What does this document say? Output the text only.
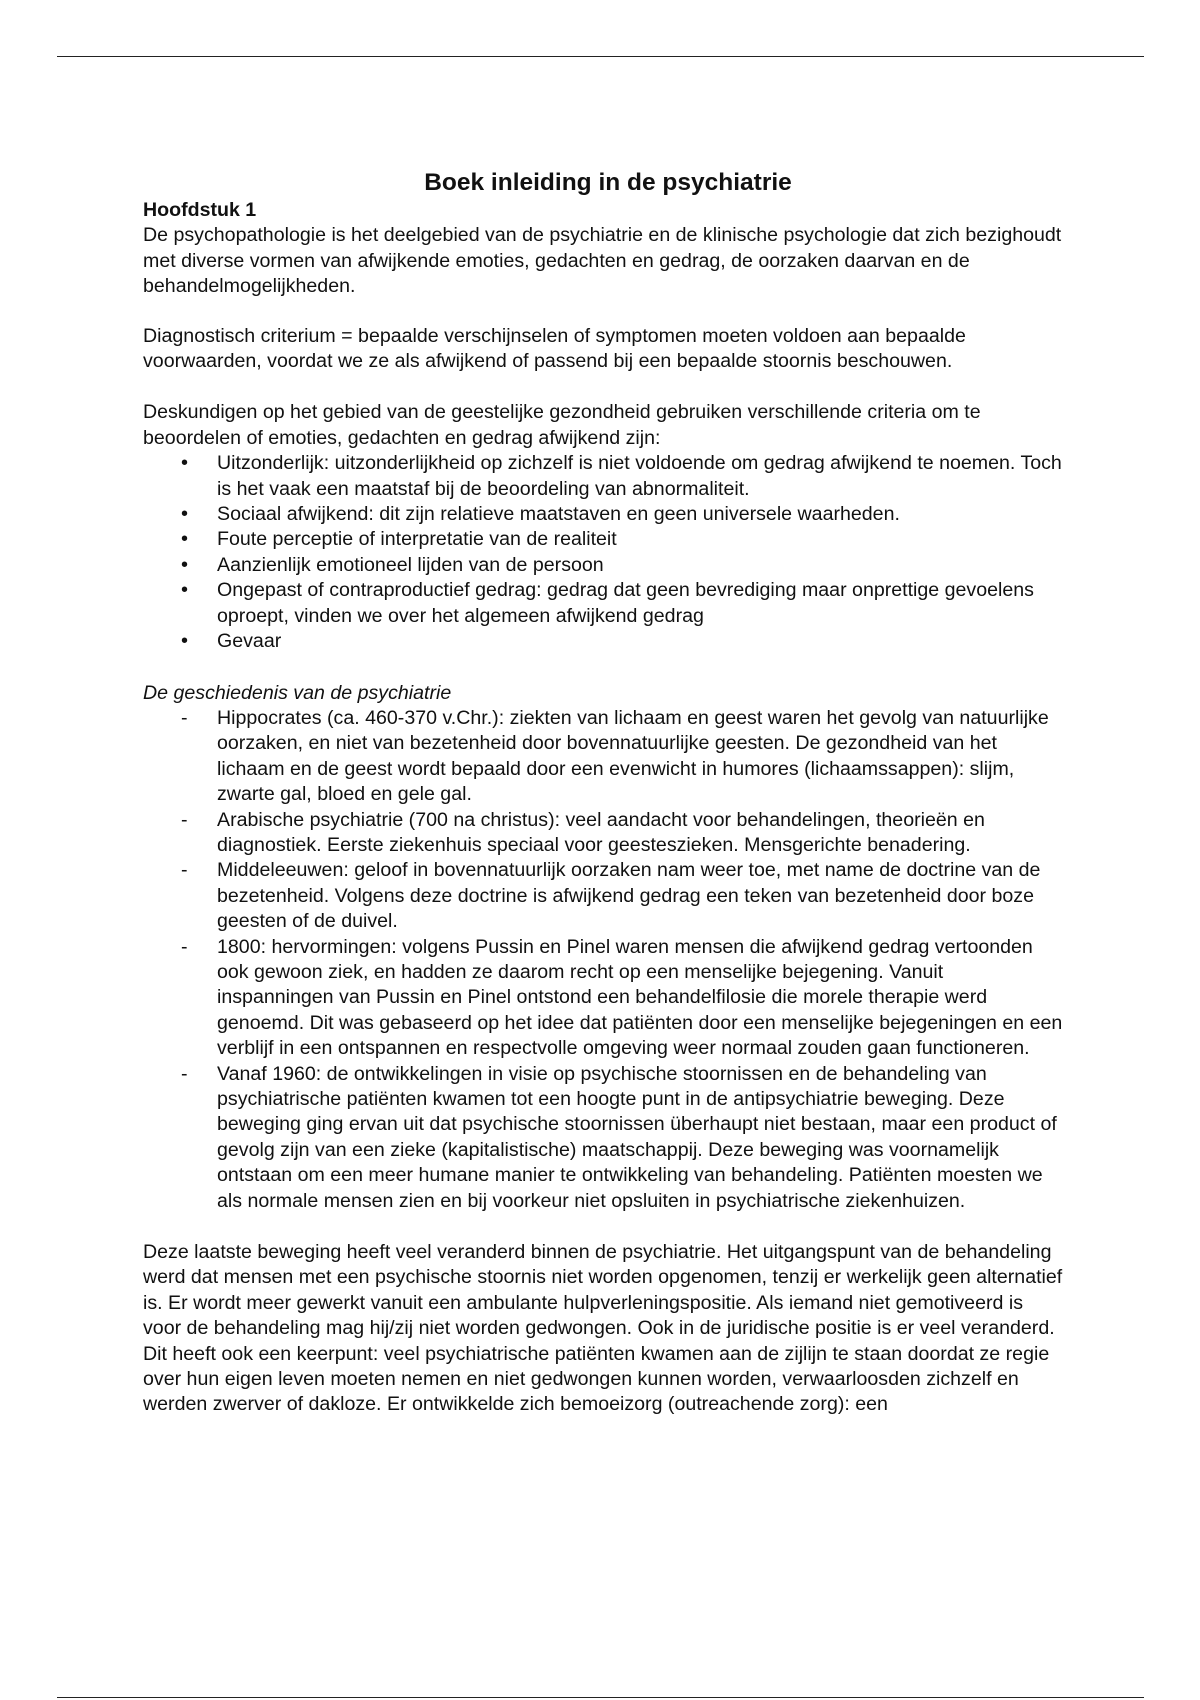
Boek inleiding in de psychiatrie

Hoofdstuk 1

De psychopathologie is het deelgebied van de psychiatrie en de klinische psychologie dat zich bezighoudt met diverse vormen van afwijkende emoties, gedachten en gedrag, de oorzaken daarvan en de behandelmogelijkheden.

Diagnostisch criterium = bepaalde verschijnselen of symptomen moeten voldoen aan bepaalde voorwaarden, voordat we ze als afwijkend of passend bij een bepaalde stoornis beschouwen.

Deskundigen op het gebied van de geestelijke gezondheid gebruiken verschillende criteria om te beoordelen of emoties, gedachten en gedrag afwijkend zijn:

• Uitzonderlijk: uitzonderlijkheid op zichzelf is niet voldoende om gedrag afwijkend te noemen. Toch is het vaak een maatstaf bij de beoordeling van abnormaliteit.
• Sociaal afwijkend: dit zijn relatieve maatstaven en geen universele waarheden.
• Foute perceptie of interpretatie van de realiteit
• Aanzienlijk emotioneel lijden van de persoon
• Ongepast of contraproductief gedrag: gedrag dat geen bevrediging maar onprettige gevoelens oproept, vinden we over het algemeen afwijkend gedrag
• Gevaar

De geschiedenis van de psychiatrie

- Hippocrates (ca. 460-370 v.Chr.): ziekten van lichaam en geest waren het gevolg van natuurlijke oorzaken, en niet van bezetenheid door bovennatuurlijke geesten. De gezondheid van het lichaam en de geest wordt bepaald door een evenwicht in humores (lichaamssappen): slijm, zwarte gal, bloed en gele gal.
- Arabische psychiatrie (700 na christus): veel aandacht voor behandelingen, theorieën en diagnostiek. Eerste ziekenhuis speciaal voor geesteszieken. Mensgerichte benadering.
- Middeleeuwen: geloof in bovennatuurlijk oorzaken nam weer toe, met name de doctrine van de bezetenheid. Volgens deze doctrine is afwijkend gedrag een teken van bezetenheid door boze geesten of de duivel.
- 1800: hervormingen: volgens Pussin en Pinel waren mensen die afwijkend gedrag vertoonden ook gewoon ziek, en hadden ze daarom recht op een menselijke bejegening. Vanuit inspanningen van Pussin en Pinel ontstond een behandelfilosie die morele therapie werd genoemd. Dit was gebaseerd op het idee dat patiënten door een menselijke bejegeningen en een verblijf in een ontspannen en respectvolle omgeving weer normaal zouden gaan functioneren.
- Vanaf 1960: de ontwikkelingen in visie op psychische stoornissen en de behandeling van psychiatrische patiënten kwamen tot een hoogte punt in de antipsychiatrie beweging. Deze beweging ging ervan uit dat psychische stoornissen überhaupt niet bestaan, maar een product of gevolg zijn van een zieke (kapitalistische) maatschappij. Deze beweging was voornamelijk ontstaan om een meer humane manier te ontwikkeling van behandeling. Patiënten moesten we als normale mensen zien en bij voorkeur niet opsluiten in psychiatrische ziekenhuizen.

Deze laatste beweging heeft veel veranderd binnen de psychiatrie. Het uitgangspunt van de behandeling werd dat mensen met een psychische stoornis niet worden opgenomen, tenzij er werkelijk geen alternatief is. Er wordt meer gewerkt vanuit een ambulante hulpverleningspositie. Als iemand niet gemotiveerd is voor de behandeling mag hij/zij niet worden gedwongen. Ook in de juridische positie is er veel veranderd. Dit heeft ook een keerpunt: veel psychiatrische patiënten kwamen aan de zijlijn te staan doordat ze regie over hun eigen leven moeten nemen en niet gedwongen kunnen worden, verwaarloosden zichzelf en werden zwerver of dakloze. Er ontwikkelde zich bemoeizorg (outreachende zorg): een
